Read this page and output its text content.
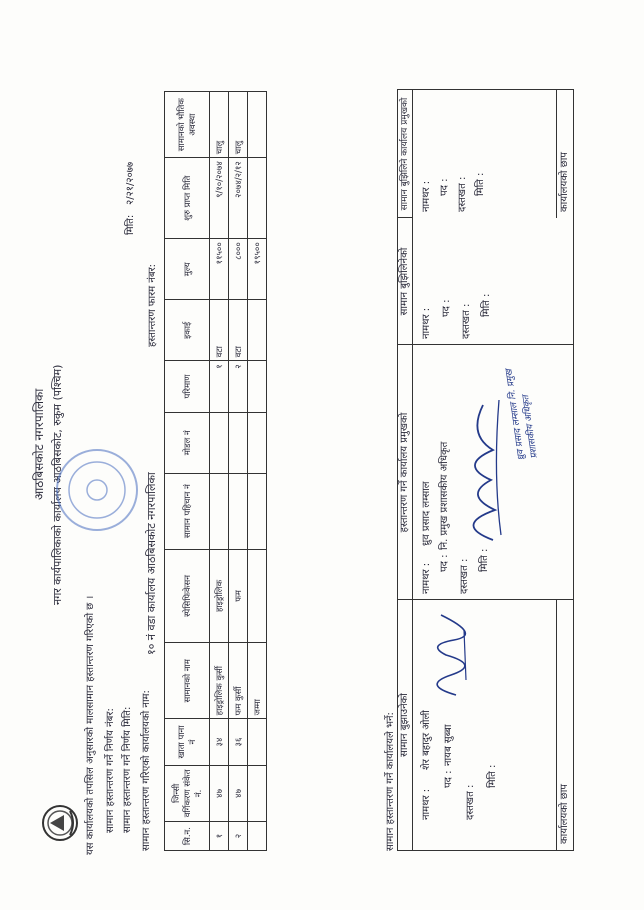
आठबिसकोट नगरपालिका नगर कार्यपालिकाको कार्यालय आठबिसकोट, रुकुम (पश्चिम)
यस कार्यालयको तपसिल अनुसारको मालसामान हस्तान्तरण गरिएको छ । सामान हस्तान्तरण गर्ने निर्णय नंबर: सामान हस्तान्तरण गर्ने निर्णय मिति: सामान हस्तान्तरण गरिएको कार्यालयको नाम:
१० नं वडा कार्यालय आठबिसकोट नगरपालिका
मिति:
२/२१/२०७७
हस्तान्तरण फारम नंबर:
सि.न.	जिन्सी वर्गिकरण संकेत नं.	खाता पाना नं	सामानको नाम	स्पेसिफिकेसन	सामान पहिचान नं	मोडल नं	परिमाण	इकाई	मुल्य	शुरु प्राप्त मिति	सामानको भौतिक अवस्था
१	४७	३४	हाइड्रोलिक कुर्सी	हाइड्रोलिक			१	वटा	११५००	९/१०/२०७४	चालु
२	४७	३६	फम कुर्सी	फम			२	वटा	८०००	२०७४/२/१२	चालु
			जम्मा						१९५००		
सामान हस्तान्तरण गर्ने कार्यालयले भर्ने: सामान बुझाउनेको
नामथर :
शेर बहादुर ओली
पद :
नायब सुब्बा
दस्तखत :
मिति :
कार्यालयको छाप
हस्तान्तरण गर्ने कार्यालय प्रमुखको
नामथर :
ध्रुव प्रसाद लम्साल
पद :
नि. प्रमुख प्रशासकीय अधिकृत
दस्तखत : मिति :
ध्रुव प्रसाद लम्साल नि. प्रमुख प्रशासकीय अधिकृत
सामान बुझिलिनेको
नामथर : पद : दस्तखत : मिति :
सामान बुझिलिने कार्यालय प्रमुखको	नामथर : पद : दस्तखत : मिति :	कार्यालयको छाप
